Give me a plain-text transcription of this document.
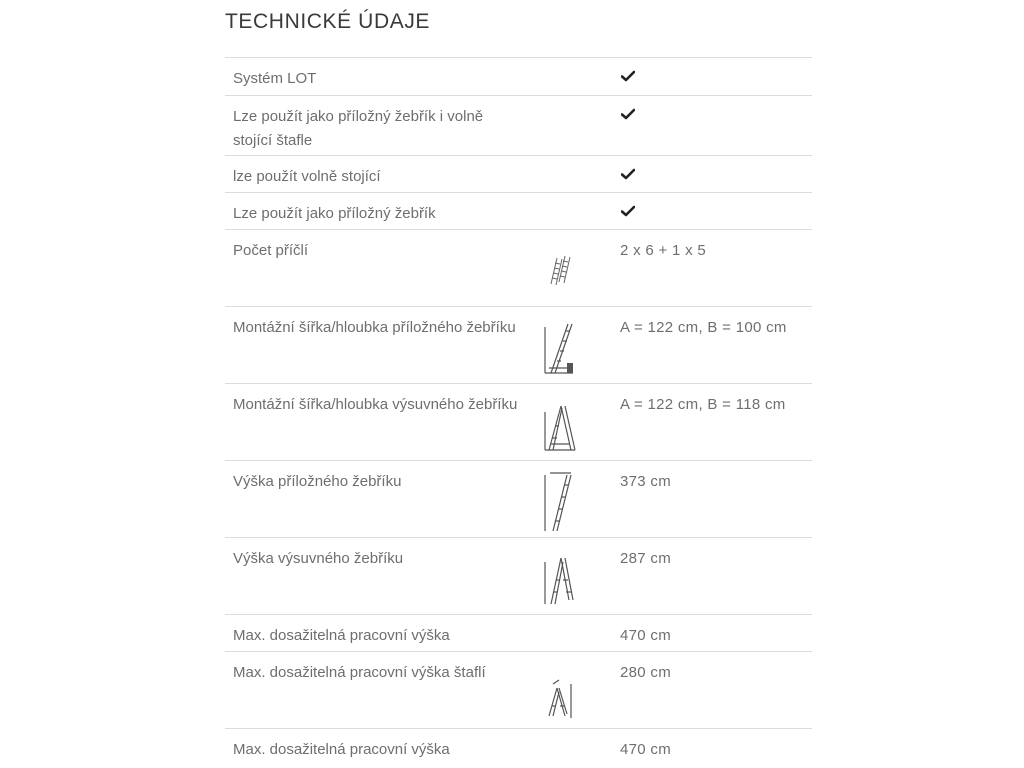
TECHNICKÉ ÚDAJE
Systém LOT
Lze použít jako příložný žebřík i volně stojící štafle
lze použít volně stojící
Lze použít jako příložný žebřík
Počet příčlí	2 x 6 + 1 x 5
Montážní šířka/hloubka příložného žebříku	A = 122 cm, B = 100 cm
Montážní šířka/hloubka výsuvného žebříku	A = 122 cm, B = 118 cm
Výška příložného žebříku	373 cm
Výška výsuvného žebříku	287 cm
Max. dosažitelná pracovní výška	470 cm
Max. dosažitelná pracovní výška štaflí	280 cm
Max. dosažitelná pracovní výška	470 cm
